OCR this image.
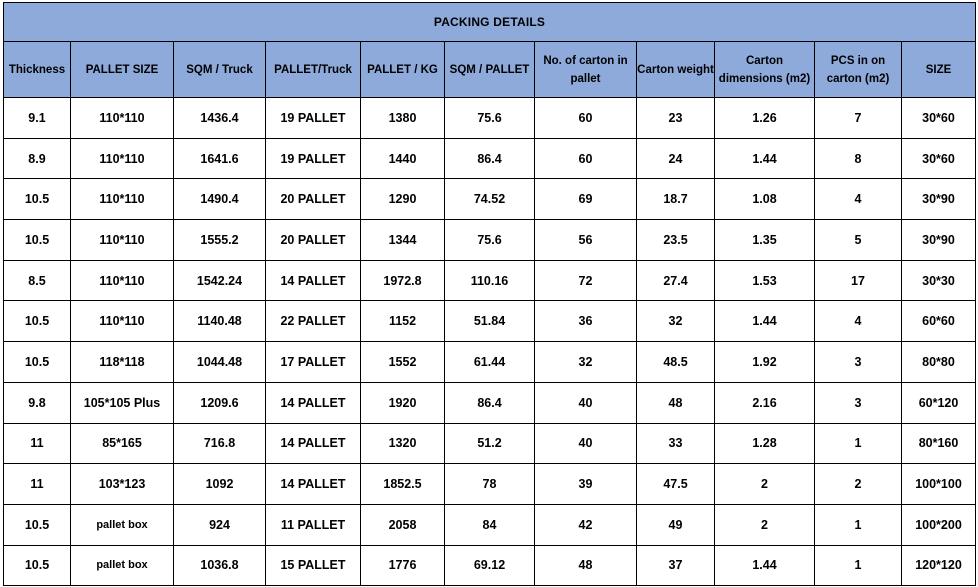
PACKING DETAILS										
Thickness	PALLET SIZE	SQM / Truck	PALLET/Truck	PALLET / KG	SQM / PALLET	No. of carton in pallet	Carton weight	Carton dimensions (m2)	PCS in on carton (m2)	SIZE
9.1	110*110	1436.4	19 PALLET	1380	75.6	60	23	1.26	7	30*60
8.9	110*110	1641.6	19 PALLET	1440	86.4	60	24	1.44	8	30*60
10.5	110*110	1490.4	20 PALLET	1290	74.52	69	18.7	1.08	4	30*90
10.5	110*110	1555.2	20 PALLET	1344	75.6	56	23.5	1.35	5	30*90
8.5	110*110	1542.24	14 PALLET	1972.8	110.16	72	27.4	1.53	17	30*30
10.5	110*110	1140.48	22 PALLET	1152	51.84	36	32	1.44	4	60*60
10.5	118*118	1044.48	17 PALLET	1552	61.44	32	48.5	1.92	3	80*80
9.8	105*105 Plus	1209.6	14 PALLET	1920	86.4	40	48	2.16	3	60*120
11	85*165	716.8	14 PALLET	1320	51.2	40	33	1.28	1	80*160
11	103*123	1092	14 PALLET	1852.5	78	39	47.5	2	2	100*100
10.5	pallet box	924	11 PALLET	2058	84	42	49	2	1	100*200
10.5	pallet box	1036.8	15 PALLET	1776	69.12	48	37	1.44	1	120*120
